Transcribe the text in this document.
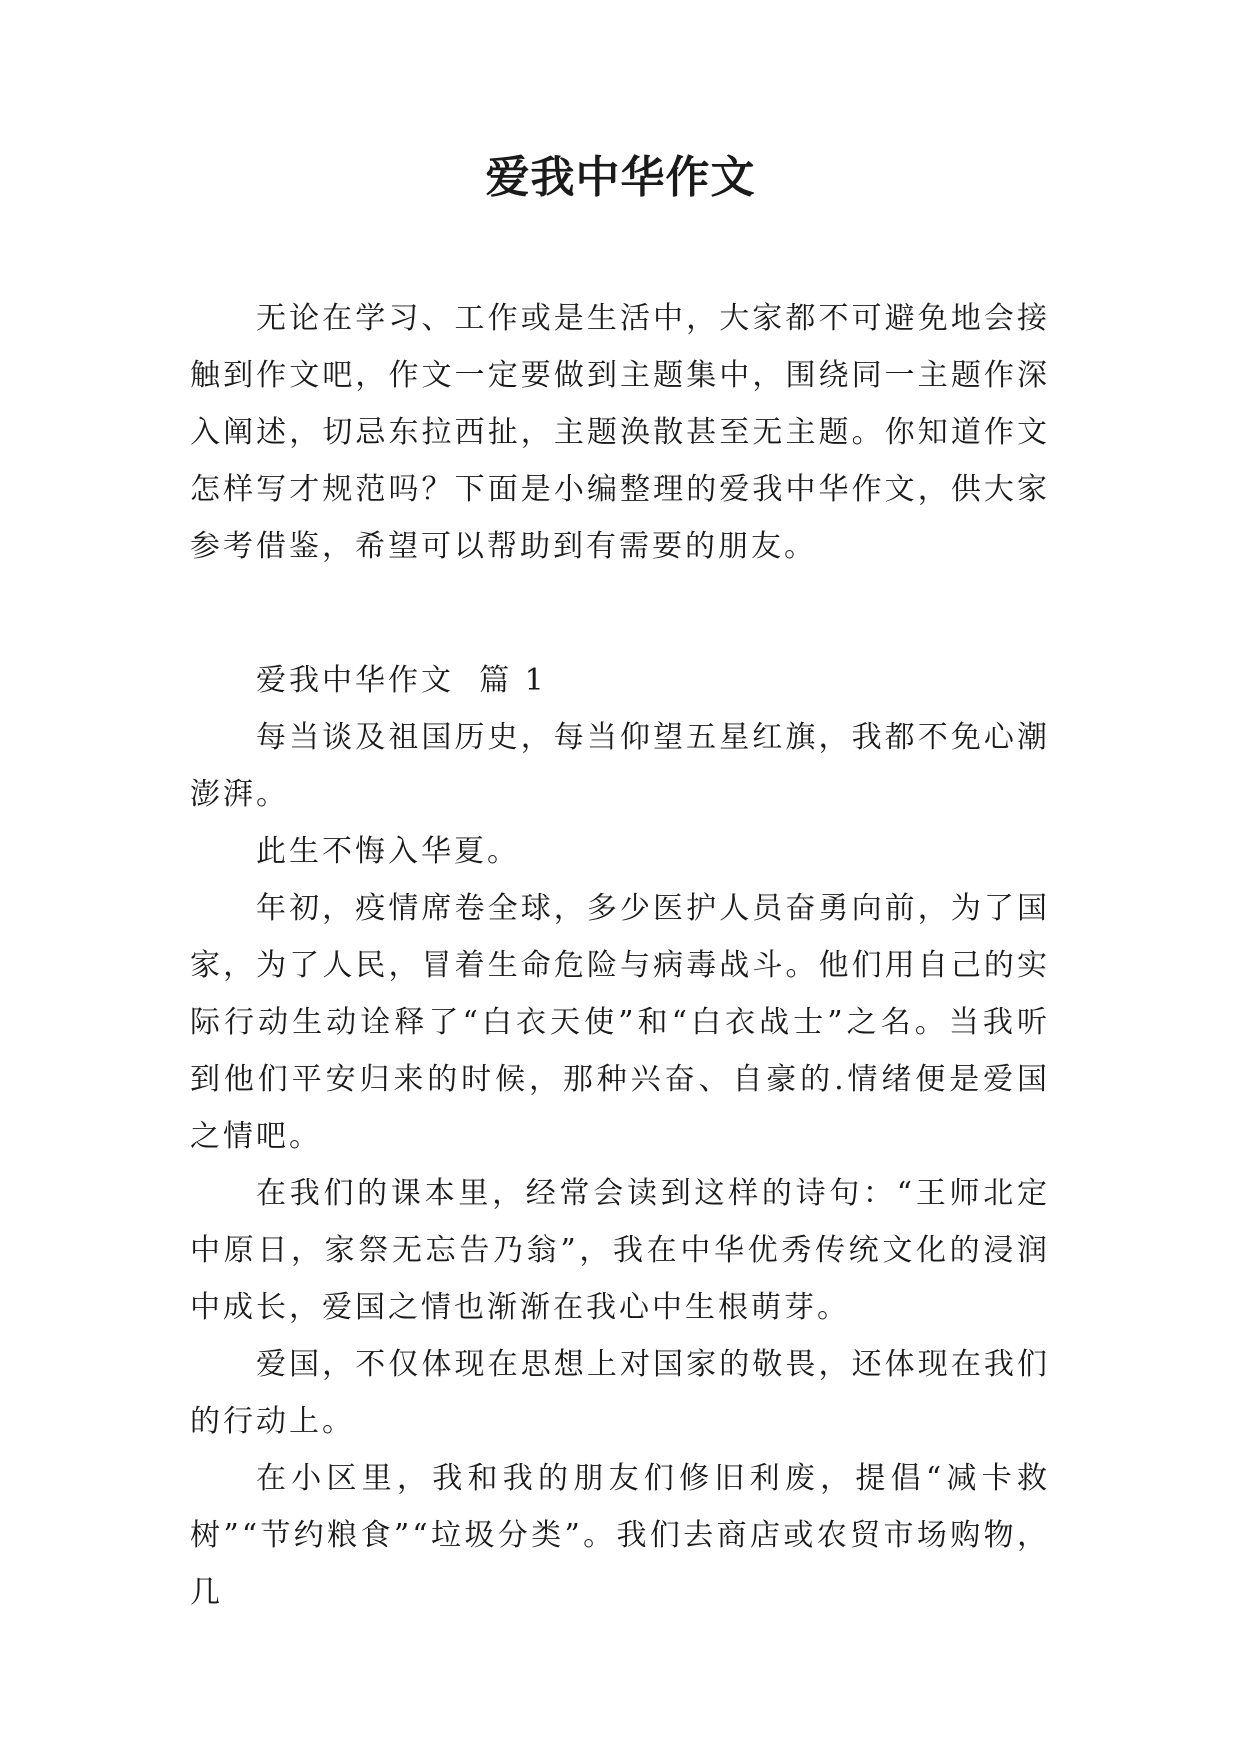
爱我中华作文

无论在学习、工作或是生活中，大家都不可避免地会接触到作文吧，作文一定要做到主题集中，围绕同一主题作深入阐述，切忌东拉西扯，主题涣散甚至无主题。你知道作文怎样写才规范吗？下面是小编整理的爱我中华作文，供大家参考借鉴，希望可以帮助到有需要的朋友。

爱我中华作文  篇 1

每当谈及祖国历史，每当仰望五星红旗，我都不免心潮澎湃。

此生不悔入华夏。

年初，疫情席卷全球，多少医护人员奋勇向前，为了国家，为了人民，冒着生命危险与病毒战斗。他们用自己的实际行动生动诠释了“白衣天使”和“白衣战士”之名。当我听到他们平安归来的时候，那种兴奋、自豪的.情绪便是爱国之情吧。

在我们的课本里，经常会读到这样的诗句：“王师北定中原日，家祭无忘告乃翁”，我在中华优秀传统文化的浸润中成长，爱国之情也渐渐在我心中生根萌芽。

爱国，不仅体现在思想上对国家的敬畏，还体现在我们的行动上。

在小区里，我和我的朋友们修旧利废，提倡“减卡救树”“节约粮食”“垃圾分类”。我们去商店或农贸市场购物，几
